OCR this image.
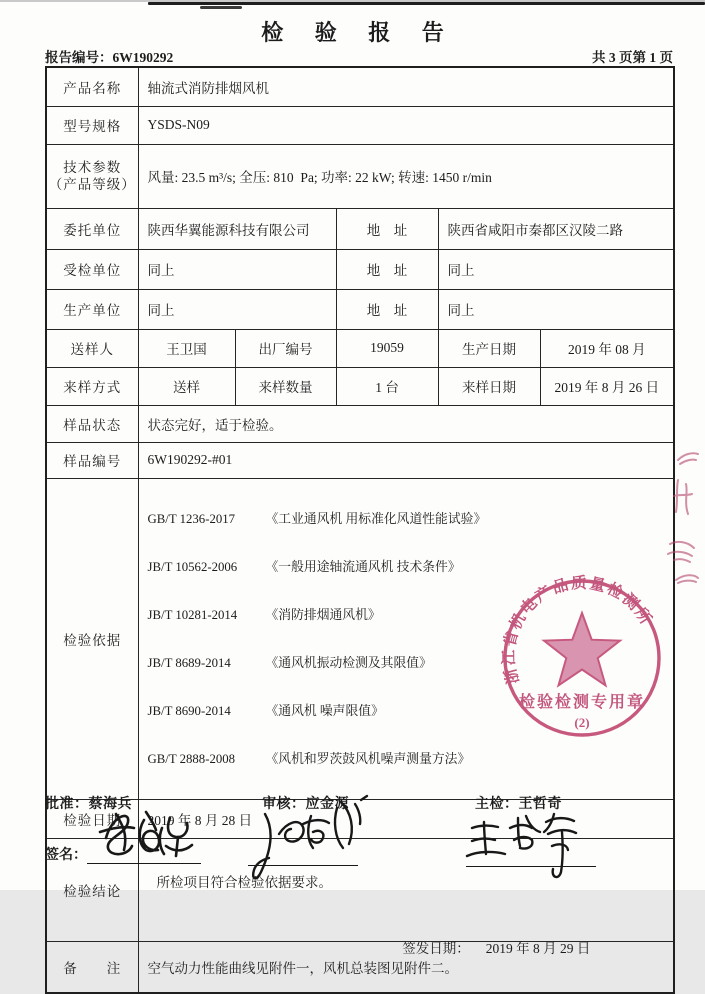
检 验 报 告
报告编号：6W190292	共 3 页第 1 页
产品名称	轴流式消防排烟风机				
型号规格	YSDS-N09				

技术参数
（产品等级）	风量: 23.5 m³/s; 全压: 810  Pa; 功率: 22 kW; 转速: 1450 r/min				
委托单位	陕西华翼能源科技有限公司		地　址	陕西省咸阳市秦都区汉陵二路	
受检单位	同上		地　址	同上	
生产单位	同上		地　址	同上	
送样人	王卫国	出厂编号	19059	生产日期	2019 年 08 月
来样方式	送样	来样数量	1 台	来样日期	2019 年 8 月 26 日
样品状态	状态完好，适于检验。				
样品编号	6W190292-#01				
检验依据	

GB/T 1236-2017 《工业通风机 用标准化风道性能试验》

JB/T 10562-2006 《一般用途轴流通风机 技术条件》

JB/T 10281-2014 《消防排烟通风机》

JB/T 8689-2014	《通风机振动检测及其限值》

JB/T 8690-2014	《通风机 噪声限值》

GB/T 2888-2008 《风机和罗茨鼓风机噪声测量方法》

检验日期	2019 年 8 月 28 日				
检验结论	所检项目符合检验依据要求。

签发日期： 2019 年 8 月 29 日				

备　　注	空气动力性能曲线见附件一，风机总装图见附件二。				
浙江省机电产品质量检测所
检验检测专用章
(2)
批准：蔡海兵	审核：应金源	主检：王哲奇
签名：
